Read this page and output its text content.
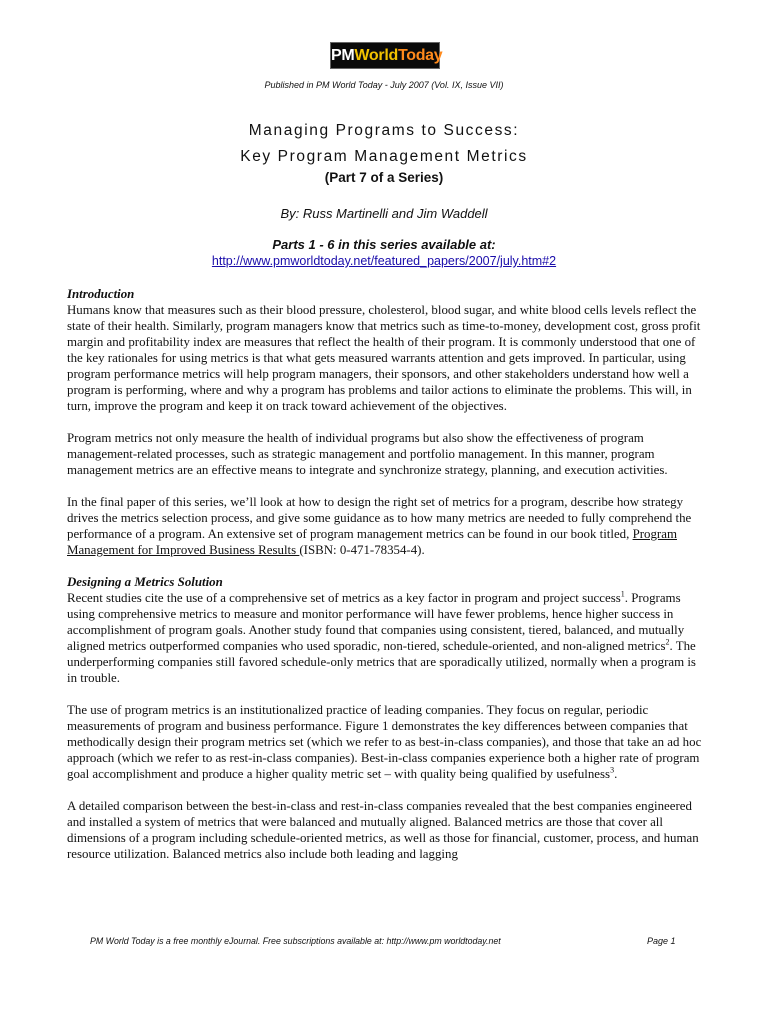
PMWorldToday
Published in PM World Today - July 2007 (Vol. IX, Issue VII)
Managing Programs to Success:
Key Program Management Metrics
(Part 7 of a Series)
By: Russ Martinelli and Jim Waddell
Parts 1 - 6 in this series available at:
http://www.pmworldtoday.net/featured_papers/2007/july.htm#2
Introduction

Humans know that measures such as their blood pressure, cholesterol, blood sugar, and white blood cells levels reflect the state of their health. Similarly, program managers know that metrics such as time-to-money, development cost, gross profit margin and profitability index are measures that reflect the health of their program. It is commonly understood that one of the key rationales for using metrics is that what gets measured warrants attention and gets improved. In particular, using program performance metrics will help program managers, their sponsors, and other stakeholders understand how well a program is performing, where and why a program has problems and tailor actions to eliminate the problems. This will, in turn, improve the program and keep it on track toward achievement of the objectives.

Program metrics not only measure the health of individual programs but also show the effectiveness of program management-related processes, such as strategic management and portfolio management. In this manner, program management metrics are an effective means to integrate and synchronize strategy, planning, and execution activities.

In the final paper of this series, we’ll look at how to design the right set of metrics for a program, describe how strategy drives the metrics selection process, and give some guidance as to how many metrics are needed to fully comprehend the performance of a program. An extensive set of program management metrics can be found in our book titled, Program Management for Improved Business Results (ISBN: 0-471-78354-4).

Designing a Metrics Solution

Recent studies cite the use of a comprehensive set of metrics as a key factor in program and project success$^1$. Programs using comprehensive metrics to measure and monitor performance will have fewer problems, hence higher success in accomplishment of program goals. Another study found that companies using consistent, tiered, balanced, and mutually aligned metrics outperformed companies who used sporadic, non-tiered, schedule-oriented, and non-aligned metrics$^2$. The underperforming companies still favored schedule-only metrics that are sporadically utilized, normally when a program is in trouble.

The use of program metrics is an institutionalized practice of leading companies. They focus on regular, periodic measurements of program and business performance. Figure 1 demonstrates the key differences between companies that methodically design their program metrics set (which we refer to as best-in-class companies), and those that take an ad hoc approach (which we refer to as rest-in-class companies). Best-in-class companies experience both a higher rate of program goal accomplishment and produce a higher quality metric set – with quality being qualified by usefulness$^3$.

A detailed comparison between the best-in-class and rest-in-class companies revealed that the best companies engineered and installed a system of metrics that were balanced and mutually aligned. Balanced metrics are those that cover all dimensions of a program including schedule-oriented metrics, as well as those for financial, customer, process, and human resource utilization. Balanced metrics also include both leading and lagging

PM World Today is a free monthly eJournal. Free subscriptions available at: http://www.pm worldtoday.net	Page 1
